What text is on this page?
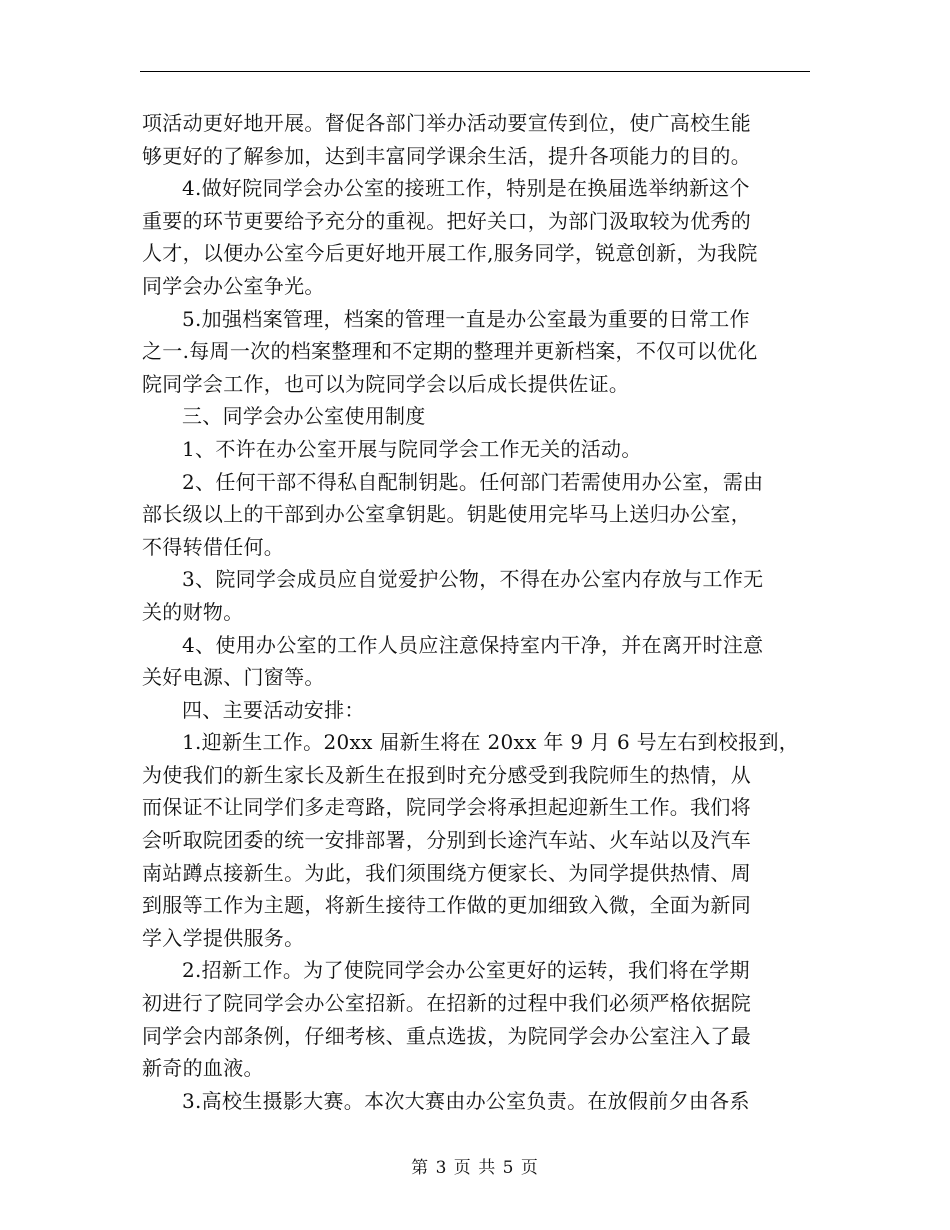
项活动更好地开展。督促各部门举办活动要宣传到位，使广高校生能
够更好的了解参加，达到丰富同学课余生活，提升各项能力的目的。
4.做好院同学会办公室的接班工作，特别是在换届选举纳新这个
重要的环节更要给予充分的重视。把好关口，为部门汲取较为优秀的
人才，以便办公室今后更好地开展工作,服务同学，锐意创新，为我院
同学会办公室争光。
5.加强档案管理，档案的管理一直是办公室最为重要的日常工作
之一.每周一次的档案整理和不定期的整理并更新档案，不仅可以优化
院同学会工作，也可以为院同学会以后成长提供佐证。
三、同学会办公室使用制度
1、不许在办公室开展与院同学会工作无关的活动。
2、任何干部不得私自配制钥匙。任何部门若需使用办公室，需由
部长级以上的干部到办公室拿钥匙。钥匙使用完毕马上送归办公室，
不得转借任何。
3、院同学会成员应自觉爱护公物，不得在办公室内存放与工作无
关的财物。
4、使用办公室的工作人员应注意保持室内干净，并在离开时注意
关好电源、门窗等。
四、主要活动安排：
1.迎新生工作。20xx 届新生将在 20xx 年 9 月 6 号左右到校报到，
为使我们的新生家长及新生在报到时充分感受到我院师生的热情，从
而保证不让同学们多走弯路，院同学会将承担起迎新生工作。我们将
会听取院团委的统一安排部署，分别到长途汽车站、火车站以及汽车
南站蹲点接新生。为此，我们须围绕方便家长、为同学提供热情、周
到服等工作为主题，将新生接待工作做的更加细致入微，全面为新同
学入学提供服务。
2.招新工作。为了使院同学会办公室更好的运转，我们将在学期
初进行了院同学会办公室招新。在招新的过程中我们必须严格依据院
同学会内部条例，仔细考核、重点选拔，为院同学会办公室注入了最
新奇的血液。
3.高校生摄影大赛。本次大赛由办公室负责。在放假前夕由各系
第 3 页 共 5 页
